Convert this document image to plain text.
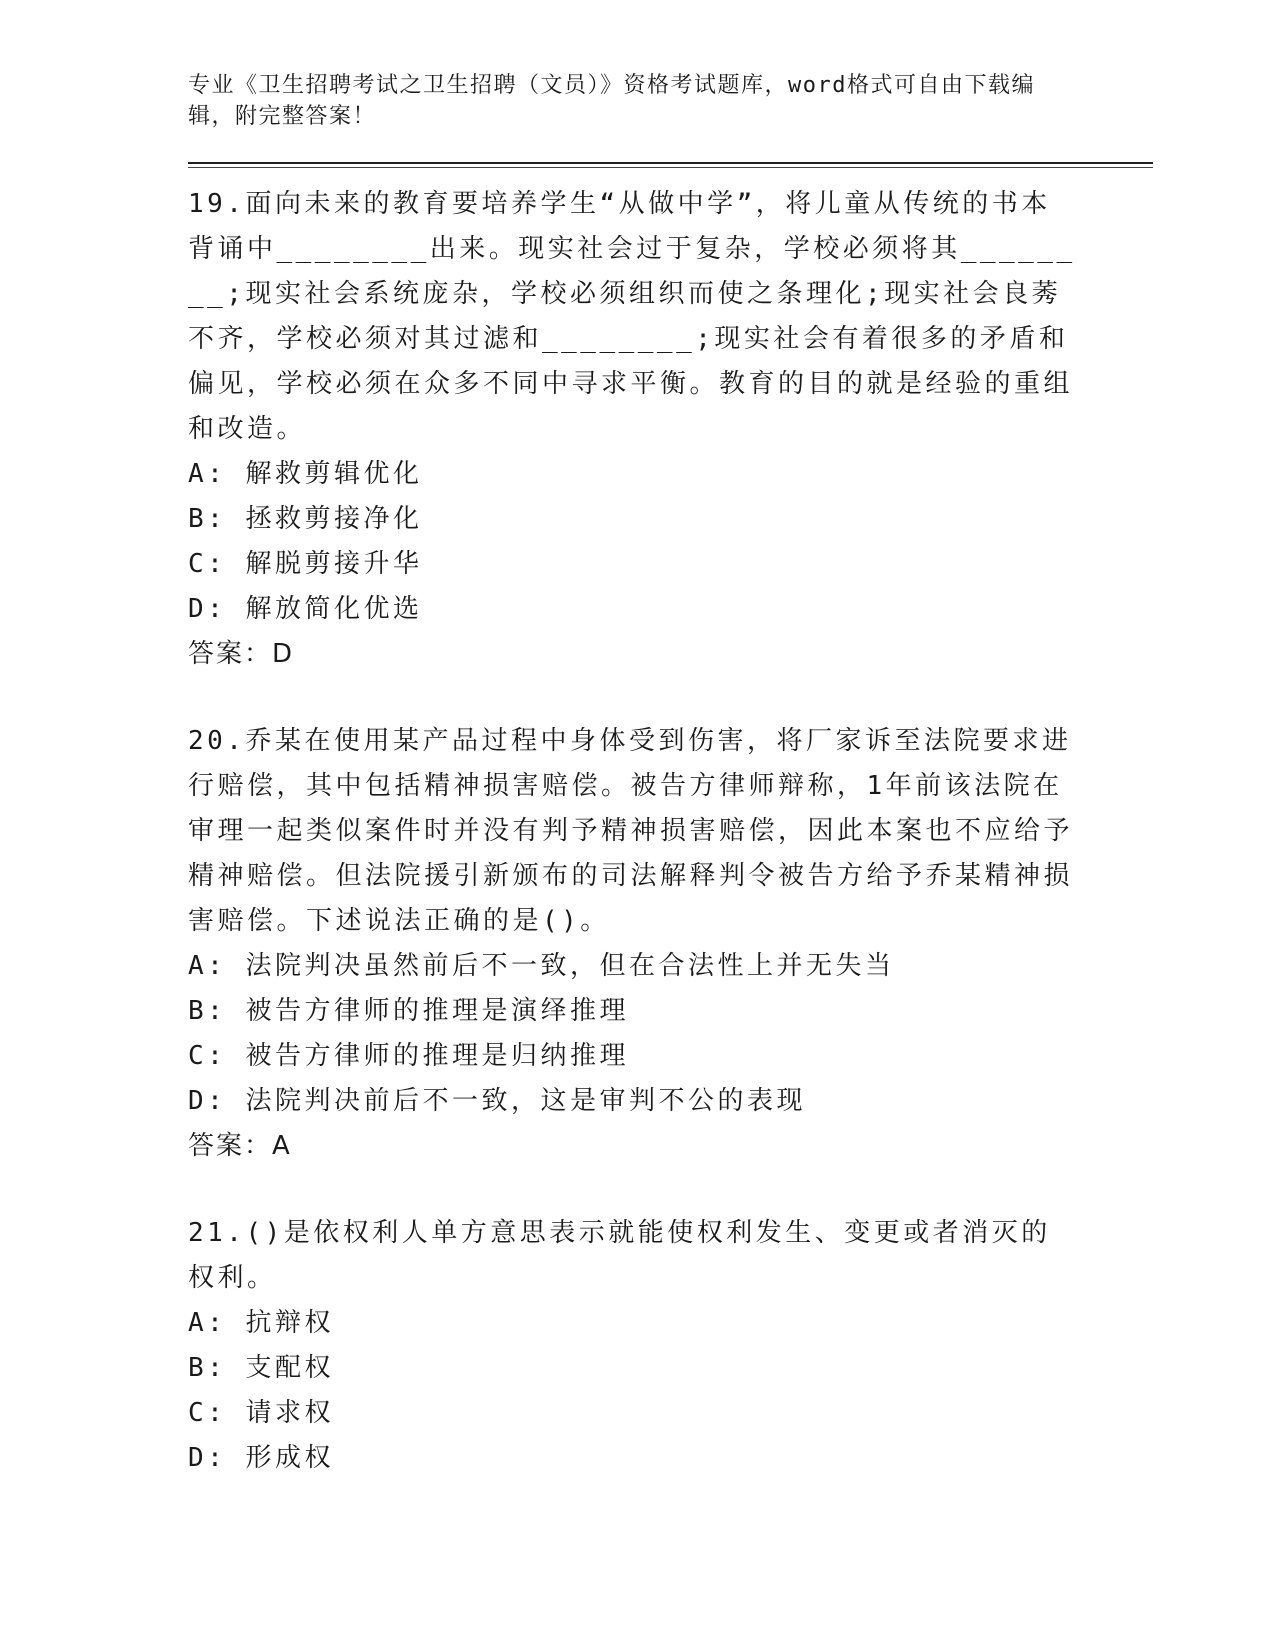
专业《卫生招聘考试之卫生招聘（文员）》资格考试题库，word格式可自由下载编辑，附完整答案！

19.面向未来的教育要培养学生“从做中学”，将儿童从传统的书本背诵中________出来。现实社会过于复杂，学校必须将其________;现实社会系统庞杂，学校必须组织而使之条理化;现实社会良莠不齐，学校必须对其过滤和________;现实社会有着很多的矛盾和偏见，学校必须在众多不同中寻求平衡。教育的目的就是经验的重组和改造。

A: 解救剪辑优化

B: 拯救剪接净化

C: 解脱剪接升华

D: 解放简化优选

答案：D

20.乔某在使用某产品过程中身体受到伤害，将厂家诉至法院要求进行赔偿，其中包括精神损害赔偿。被告方律师辩称，1年前该法院在审理一起类似案件时并没有判予精神损害赔偿，因此本案也不应给予精神赔偿。但法院援引新颁布的司法解释判令被告方给予乔某精神损害赔偿。下述说法正确的是()。

A: 法院判决虽然前后不一致，但在合法性上并无失当

B: 被告方律师的推理是演绎推理

C: 被告方律师的推理是归纳推理

D: 法院判决前后不一致，这是审判不公的表现

答案：A

21.()是依权利人单方意思表示就能使权利发生、变更或者消灭的权利。

A: 抗辩权

B: 支配权

C: 请求权

D: 形成权
